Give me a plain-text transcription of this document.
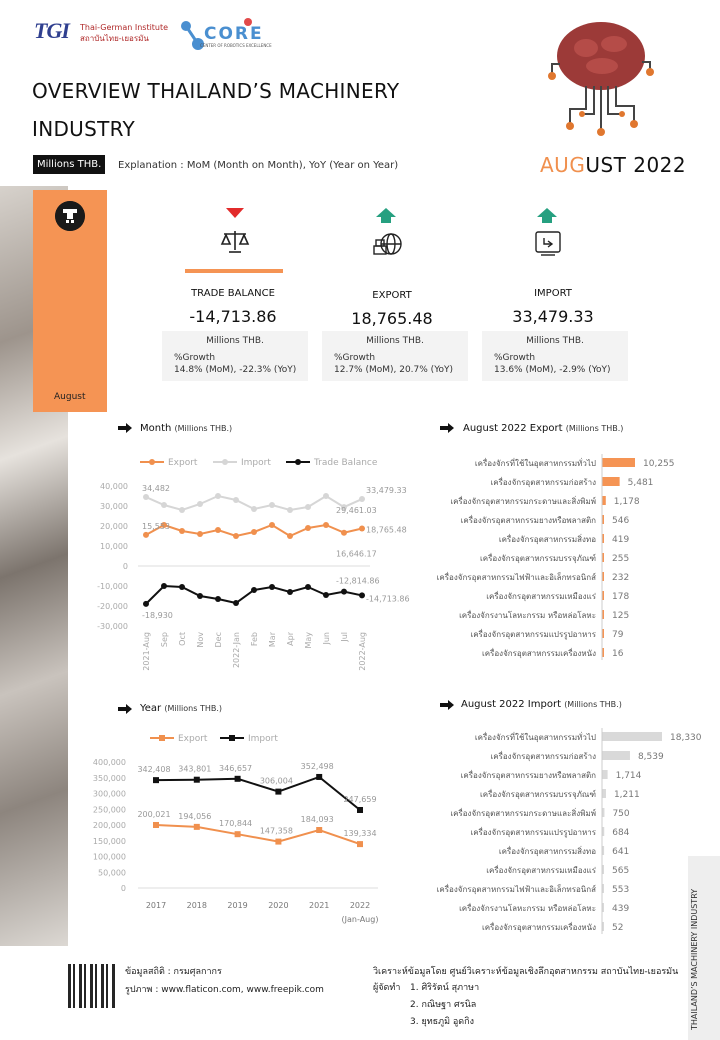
TGI Thai-German Institute
สถาบันไทย-เยอรมัน	CORE
CENTER OF ROBOTICS EXCELLENCE
OVERVIEW THAILAND’S MACHINERY
INDUSTRY
Millions THB.	Explanation : MoM (Month on Month), YoY (Year on Year)	AUGUST 2022
August
TRADE BALANCE
-14,713.86
EXPORT
18,765.48
IMPORT
33,479.33
Millions THB.
%Growth
14.8% (MoM), -22.3% (YoY)
Millions THB.
%Growth
12.7% (MoM), 20.7% (YoY)
Millions THB.
%Growth
13.6% (MoM), -2.9% (YoY)
Month (Millions THB.)	August 2022 Export (Millions THB.)
Year (Millions THB.)	August 2022 Import (Millions THB.)
Export	Import	Trade Balance
40,000
30,000
20,000
10,000
0
-10,000
-20,000
-30,000
2021-Aug Sep Oct Nov Dec 2022-Jan Feb Mar Apr May Jun Jul 2022-Aug
34,482
15,553
-18,930
33,479.33
29,461.03
18,765.48
16,646.17
-12,814.86
-14,713.86
เครื่องจักรที่ใช้ในอุตสาหกรรมทั่วไป	10,255
เครื่องจักรอุตสาหกรรมก่อสร้าง	5,481
เครื่องจักรอุตสาหกรรมกระดาษและสิ่งพิมพ์ 1,178
เครื่องจักรอุตสาหกรรมยางหรือพลาสติก 546
เครื่องจักรอุตสาหกรรมสิ่งทอ 419
เครื่องจักรอุตสาหกรรมบรรจุภัณฑ์ 255
เครื่องจักรอุตสาหกรรมไฟฟ้าและอิเล็กทรอนิกส์ 232
เครื่องจักรอุตสาหกรรมเหมืองแร่ 178
เครื่องจักรงานโลหะกรรม หรือหล่อโลหะ 125
เครื่องจักรอุตสาหกรรมแปรรูปอาหาร 79
เครื่องจักรอุตสาหกรรมเครื่องหนัง 16
Export	Import
400,000
350,000
300,000
250,000
200,000
150,000
100,000
50,000
0
2017	2018	2019	2020	2021	2022
(Jan-Aug)
200,021 194,056
170,844
147,358
184,093
139,334
342,408 343,801 346,657
306,004
352,498
247,659
เครื่องจักรที่ใช้ในอุตสาหกรรมทั่วไป	18,330
เครื่องจักรอุตสาหกรรมก่อสร้าง	8,539
เครื่องจักรอุตสาหกรรมยางหรือพลาสติก 1,714
เครื่องจักรอุตสาหกรรมบรรจุภัณฑ์ 1,211
เครื่องจักรอุตสาหกรรมกระดาษและสิ่งพิมพ์ 750
เครื่องจักรอุตสาหกรรมแปรรูปอาหาร 684
เครื่องจักรอุตสาหกรรมสิ่งทอ 641
เครื่องจักรอุตสาหกรรมเหมืองแร่ 565
เครื่องจักรอุตสาหกรรมไฟฟ้าและอิเล็กทรอนิกส์ 553
เครื่องจักรงานโลหะกรรม หรือหล่อโลหะ 439
เครื่องจักรอุตสาหกรรมเครื่องหนัง 52	THAILAND’S MACHINERY INDUSTRY
ข้อมูลสถิติ : กรมศุลกากร
รูปภาพ : www.flaticon.com, www.freepik.com
วิเคราะห์ข้อมูลโดย ศูนย์วิเคราะห์ข้อมูลเชิงลึกอุตสาหกรรม สถาบันไทย-เยอรมัน
ผู้จัดทำ 1. ศิริรัตน์ สุภาษา
2. กณิษฐา ศรนิล
3. ยุทธภูมิ อูดกิง
